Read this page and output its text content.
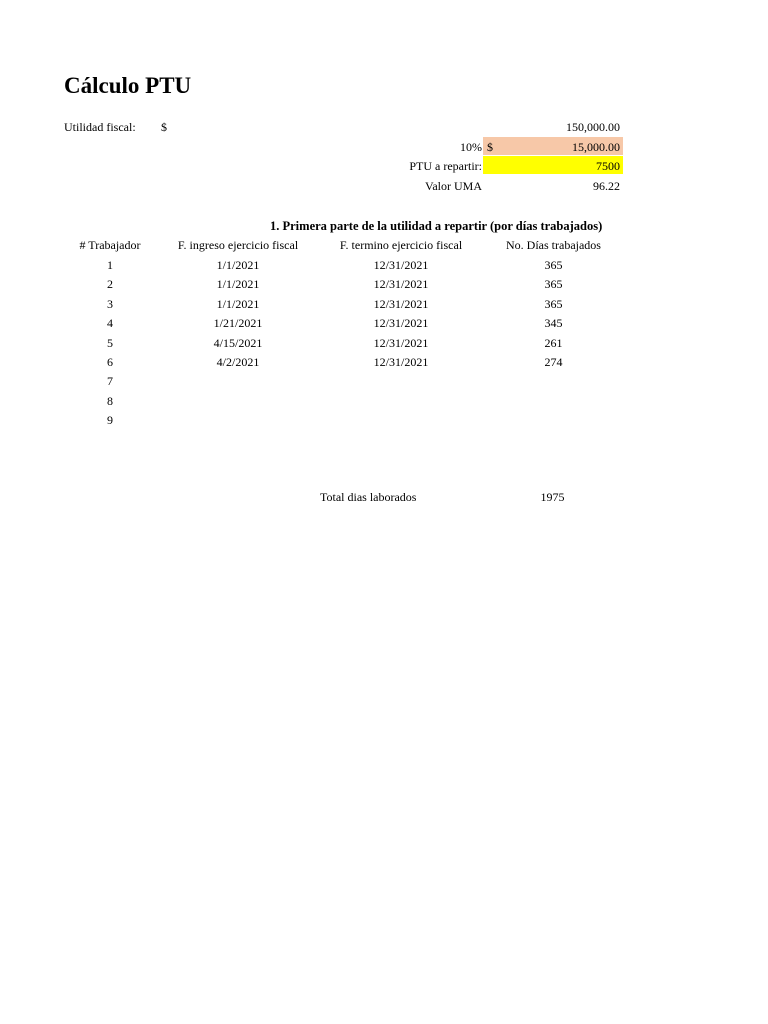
Cálculo PTU
Utilidad fiscal: $	150,000.00
10% $	15,000.00
PTU a repartir:	7500
Valor UMA	96.22
1. Primera parte de la utilidad a repartir (por días trabajados)
# Trabajador	F. ingreso ejercicio fiscal	F. termino ejercicio fiscal	No. Días trabajados
1	1/1/2021	12/31/2021	365
2	1/1/2021	12/31/2021	365
3	1/1/2021	12/31/2021	365
4	1/21/2021	12/31/2021	345
5	4/15/2021	12/31/2021	261
6	4/2/2021	12/31/2021	274
7
8
9
Total dias laborados	1975
